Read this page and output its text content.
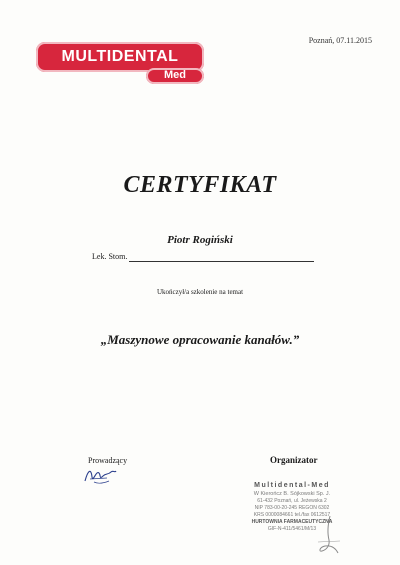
Poznań, 07.11.2015
MULTIDENTAL
Med
CERTYFIKAT
Piotr Rogiński
Lek. Stom.
Ukończył/a szkolenie na temat
„Maszynowe opracowanie kanałów.”
Prowadzący	Organizator
Multidental-Med
W Kierończ B. Sójkowski Sp. J.
61-432 Poznań, ul. Jeżewska 2
NIP 783-00-20-245 REGON 6302
KRS 0000084661 tel./fax 0612517
HURTOWNIA FARMACEUTYCZNA
GIF-N-411/5461/M/13
